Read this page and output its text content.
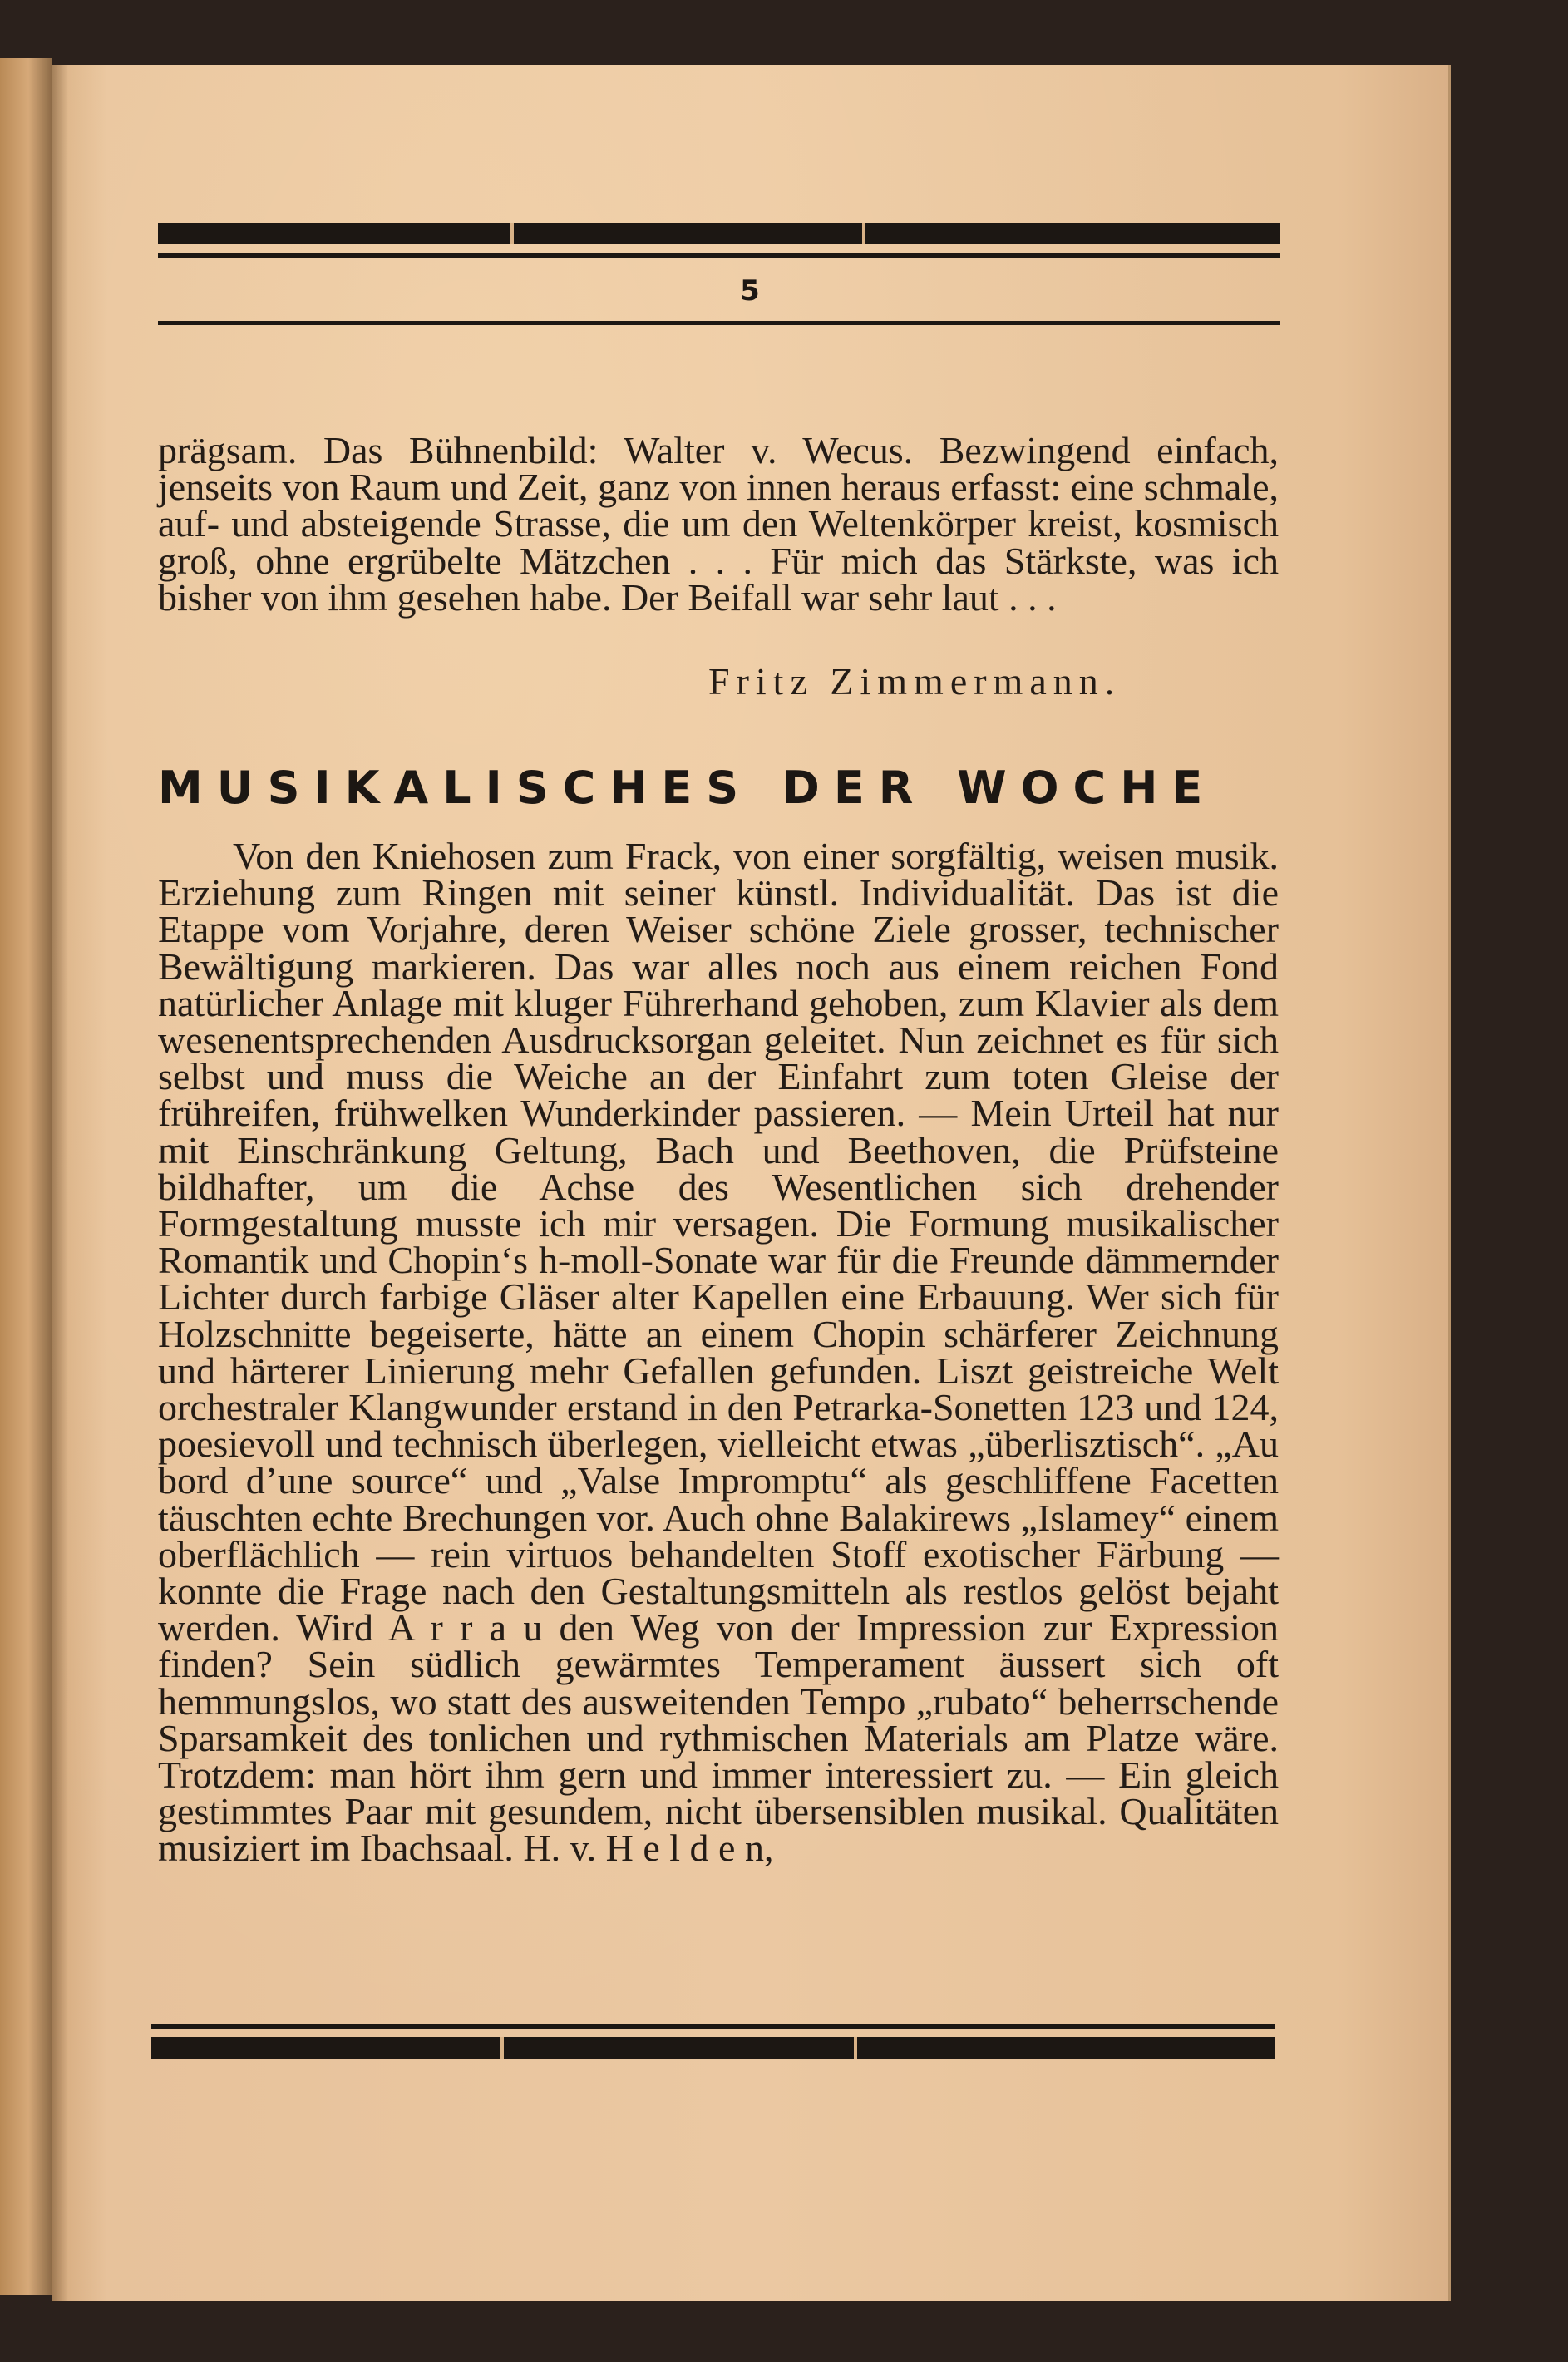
5

prägsam. Das Bühnenbild: Walter v. Wecus. Bezwingend einfach, jenseits von Raum und Zeit, ganz von innen heraus erfasst: eine schmale, auf- und absteigende Strasse, die um den Weltenkörper kreist, kosmisch groß, ohne ergrübelte Mätzchen . . . Für mich das Stärkste, was ich bisher von ihm gesehen habe. Der Beifall war sehr laut . . .

Fritz Zimmermann.
MUSIKALISCHES DER WOCHE

Von den Kniehosen zum Frack, von einer sorgfältig, weisen musik. Erziehung zum Ringen mit seiner künstl. Individualität. Das ist die Etappe vom Vorjahre, deren Weiser schöne Ziele grosser, technischer Bewältigung markieren. Das war alles noch aus einem reichen Fond natürlicher Anlage mit kluger Führerhand gehoben, zum Klavier als dem wesenentsprechenden Ausdrucksorgan geleitet. Nun zeichnet es für sich selbst und muss die Weiche an der Einfahrt zum toten Gleise der frühreifen, frühwelken Wunderkinder passieren. — Mein Urteil hat nur mit Einschränkung Geltung, Bach und Beethoven, die Prüfsteine bildhafter, um die Achse des Wesentlichen sich drehender Formgestaltung musste ich mir versagen. Die Formung musikalischer Romantik und Chopin‘s h-moll-Sonate war für die Freunde dämmernder Lichter durch farbige Gläser alter Kapellen eine Erbauung. Wer sich für Holzschnitte begeiserte, hätte an einem Chopin schärferer Zeichnung und härterer Linierung mehr Gefallen gefunden. Liszt geistreiche Welt orchestraler Klangwunder erstand in den Petrarka-Sonetten 123 und 124, poesievoll und technisch überlegen, vielleicht etwas „überlisztisch“. „Au bord d’une source“ und „Valse Impromptu“ als geschliffene Facetten täuschten echte Brechungen vor. Auch ohne Balakirews „Islamey“ einem oberflächlich — rein virtuos behandelten Stoff exotischer Färbung — konnte die Frage nach den Gestaltungsmitteln als restlos gelöst bejaht werden. Wird A r r a u den Weg von der Impression zur Expression finden? Sein südlich gewärmtes Temperament äussert sich oft hemmungslos, wo statt des ausweitenden Tempo „rubato“ beherrschende Sparsamkeit des tonlichen und rythmischen Materials am Platze wäre. Trotzdem: man hört ihm gern und immer interessiert zu. — Ein gleich gestimmtes Paar mit gesundem, nicht übersensiblen musikal. Qualitäten musiziert im Ibachsaal. H. v. H e l d e n,
